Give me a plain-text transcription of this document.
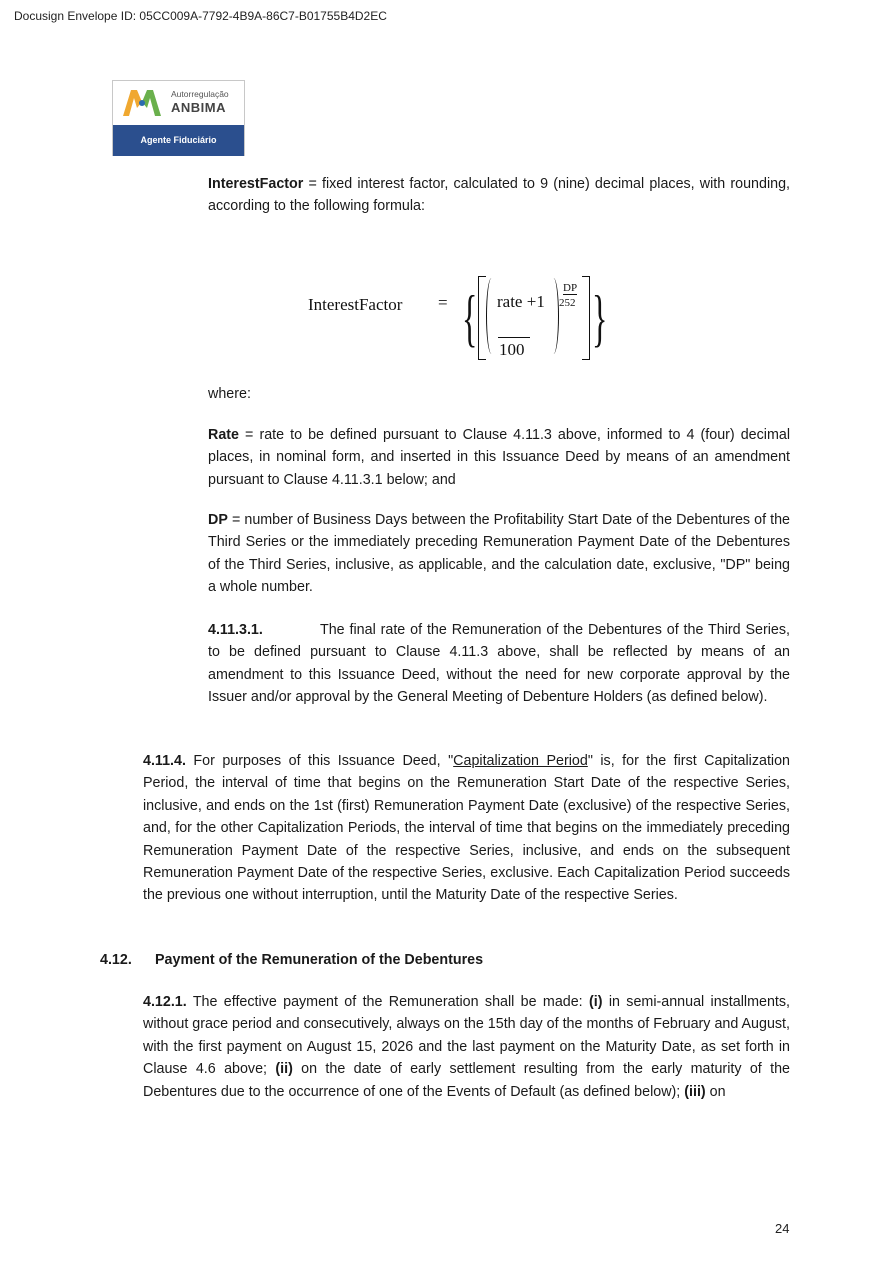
Docusign Envelope ID: 05CC009A-7792-4B9A-86C7-B01755B4D2EC
Autorregulação
ANBIMA
Agente Fiduciário
InterestFactor = fixed interest factor, calculated to 9 (nine) decimal places, with rounding, according to the following formula:
InterestFactor = { rate +1
100
DP
252 }
where:
Rate = rate to be defined pursuant to Clause 4.11.3 above, informed to 4 (four) decimal places, in nominal form, and inserted in this Issuance Deed by means of an amendment pursuant to Clause 4.11.3.1 below; and
DP = number of Business Days between the Profitability Start Date of the Debentures of the Third Series or the immediately preceding Remuneration Payment Date of the Debentures of the Third Series, inclusive, as applicable, and the calculation date, exclusive, "DP" being a whole number.
4.11.3.1.	The final rate of the Remuneration of the Debentures of the Third Series, to be defined pursuant to Clause 4.11.3 above, shall be reflected by means of an amendment to this Issuance Deed, without the need for new corporate approval by the Issuer and/or approval by the General Meeting of Debenture Holders (as defined below).
4.11.4. For purposes of this Issuance Deed, "Capitalization Period" is, for the first Capitalization Period, the interval of time that begins on the Remuneration Start Date of the respective Series, inclusive, and ends on the 1st (first) Remuneration Payment Date (exclusive) of the respective Series, and, for the other Capitalization Periods, the interval of time that begins on the immediately preceding Remuneration Payment Date of the respective Series, inclusive, and ends on the subsequent Remuneration Payment Date of the respective Series, exclusive. Each Capitalization Period succeeds the previous one without interruption, until the Maturity Date of the respective Series.
4.12. Payment of the Remuneration of the Debentures
4.12.1. The effective payment of the Remuneration shall be made: (i) in semi-annual installments, without grace period and consecutively, always on the 15th day of the months of February and August, with the first payment on August 15, 2026 and the last payment on the Maturity Date, as set forth in Clause 4.6 above; (ii) on the date of early settlement resulting from the early maturity of the Debentures due to the occurrence of one of the Events of Default (as defined below); (iii) on
24
